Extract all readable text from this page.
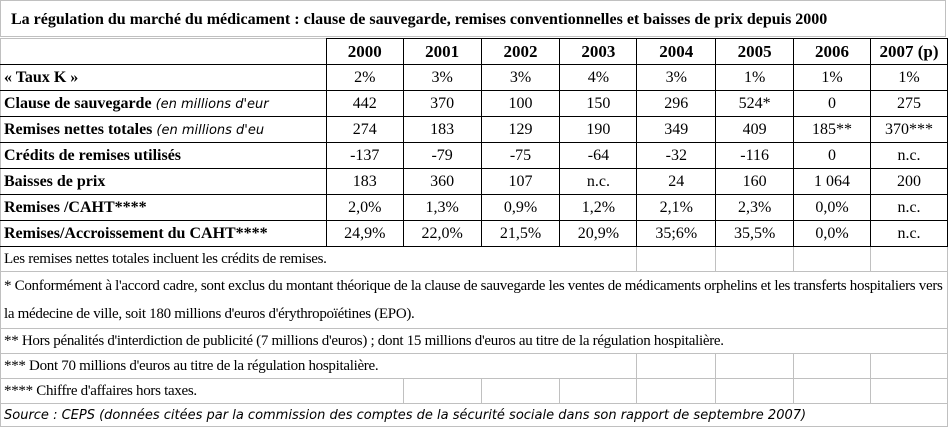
La régulation du marché du médicament : clause de sauvegarde, remises conventionnelles et baisses de prix depuis 2000
	2000	2001	2002	2003	2004	2005	2006	2007 (p)
« Taux K »	2%	3%	3%	4%	3%	1%	1%	1%
Clause de sauvegarde (en millions d'eur	442	370	100	150	296	524*	0	275
Remises nettes totales (en millions d'eu	274	183	129	190	349	409	185**	370***
Crédits de remises utilisés	-137	-79	-75	-64	-32	-116	0	n.c.
Baisses de prix	183	360	107	n.c.	24	160	1 064	200
Remises /CAHT****	2,0%	1,3%	0,9%	1,2%	2,1%	2,3%	0,0%	n.c.
Remises/Accroissement du CAHT****	24,9%	22,0%	21,5%	20,9%	35;6%	35,5%	0,0%	n.c.
Les remises nettes totales incluent les crédits de remises.								
* Conformément à l'accord cadre, sont exclus du montant théorique de la clause de sauvegarde les ventes de médicaments orphelins et les transferts hospitaliers vers la médecine de ville, soit 180 millions d'euros d'érythropoïétines (EPO).								
** Hors pénalités d'interdiction de publicité (7 millions d'euros) ; dont 15 millions d'euros au titre de la régulation hospitalière.								
*** Dont 70 millions d'euros au titre de la régulation hospitalière.								
**** Chiffre d'affaires hors taxes.								
Source : CEPS (données citées par la commission des comptes de la sécurité sociale dans son rapport de septembre 2007)								
